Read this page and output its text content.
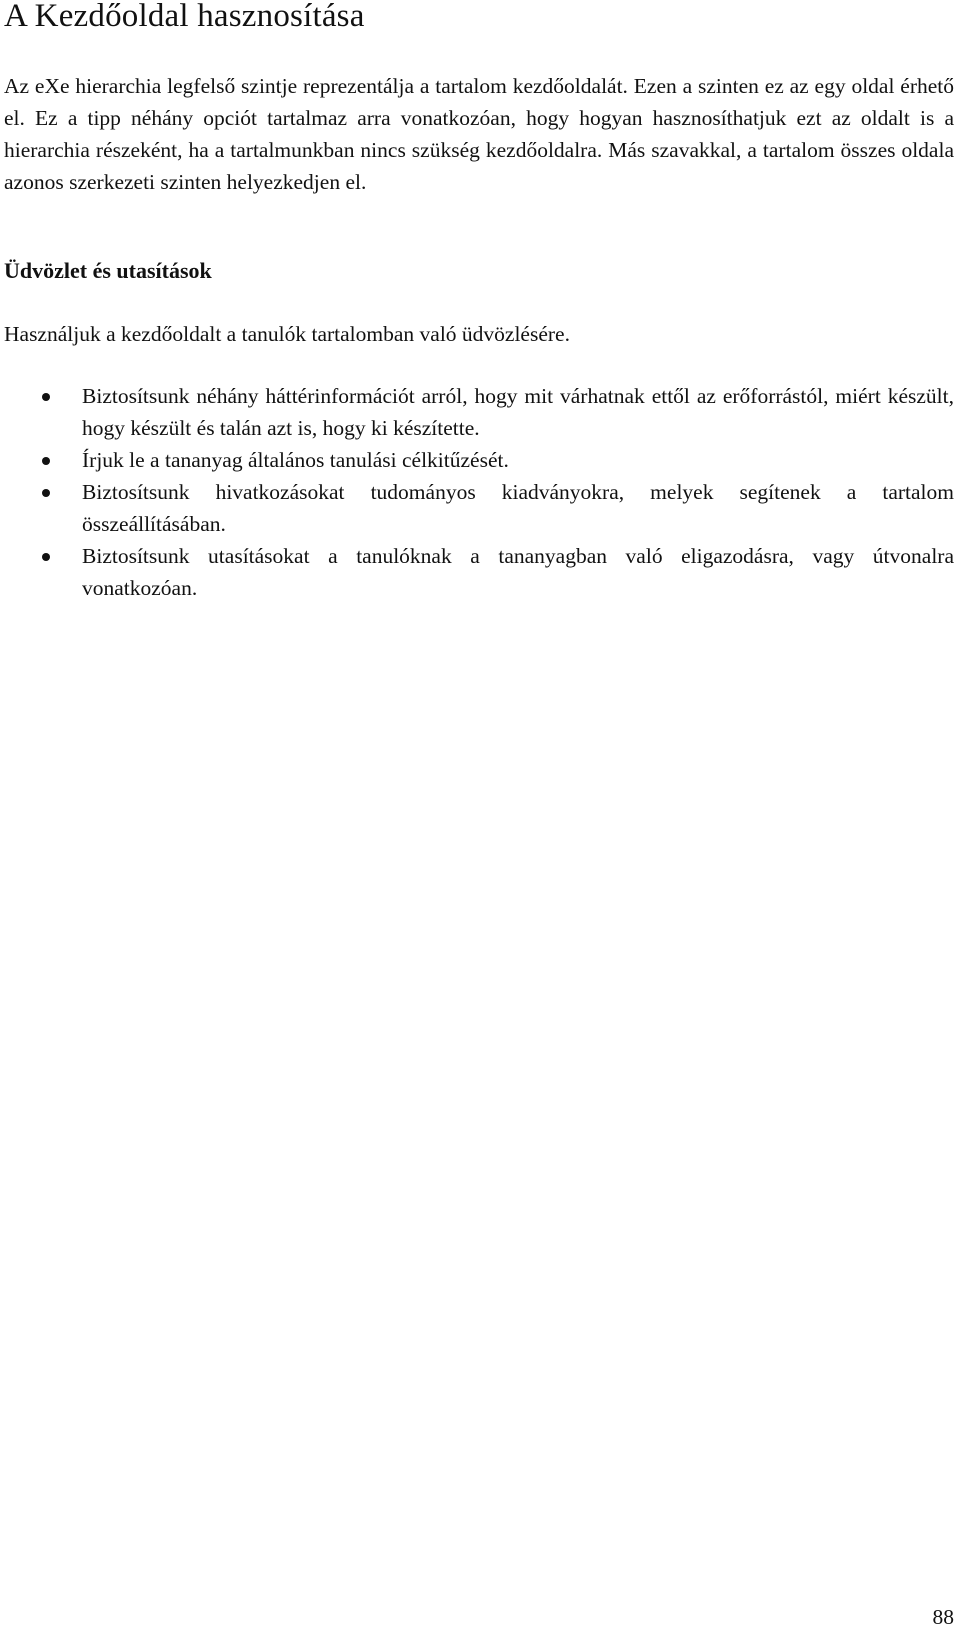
A Kezdőoldal hasznosítása

Az eXe hierarchia legfelső szintje reprezentálja a tartalom kezdőoldalát. Ezen a szinten ez az egy oldal érhető el. Ez a tipp néhány opciót tartalmaz arra vonatkozóan, hogy hogyan hasznosíthatjuk ezt az oldalt is a hierarchia részeként, ha a tartalmunkban nincs szükség kezdőoldalra. Más szavakkal, a tartalom összes oldala azonos szerkezeti szinten helyezkedjen el.

Üdvözlet és utasítások

Használjuk a kezdőoldalt a tanulók tartalomban való üdvözlésére.

Biztosítsunk néhány háttérinformációt arról, hogy mit várhatnak ettől az erőforrástól, miért készült, hogy készült és talán azt is, hogy ki készítette.
Írjuk le a tananyag általános tanulási célkitűzését.
Biztosítsunk hivatkozásokat tudományos kiadványokra, melyek segítenek a tartalom összeállításában.
Biztosítsunk utasításokat a tanulóknak a tananyagban való eligazodásra, vagy útvonalra vonatkozóan.
88
